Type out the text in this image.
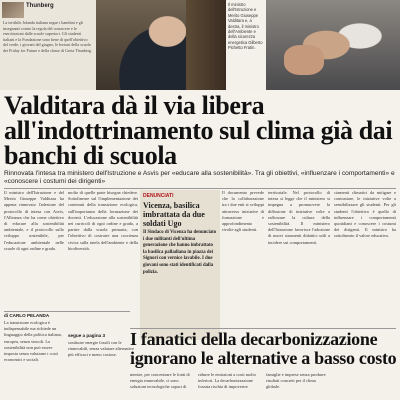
Thunberg
La terribile Jolanda italiana segue i bambini e gli insegnanti contro la regola del conoscere e le esercitazioni dalle scuole superiori. Gli studenti italiani e la Fondazione sono bene di quell'obiettivo del verde, i giovani del giugno, le lezioni della scuola dei Friday for Future e della classe di Greta Thunberg.
Il ministro dell'Istruzione e Merito Giuseppe Valditara e, a destra, il ministro dell'Ambiente e della sicurezza energetica Gilberto Pichetto Fratin.
Valditara dà il via libera all'indottrinamento sul clima già dai banchi di scuola
Rinnovata l'intesa tra ministero dell'Istruzione e Asvis per «educare alla sostenibilità». Tra gli obiettivi, «influenzare i comportamenti» e «conoscere i costumi dei dirigenti»
Il ministro dell'Istruzione e del Merito Giuseppe Valditara ha appena rinnovato l'adesione del protocollo di intesa con Asvis, l'Alleanza che ha come obiettivo di educare alla sostenibilità ambientale, e il protocollo sullo sviluppo sostenibile, per l'educazione ambientale nelle scuole di ogni ordine e grado.
molto di quelle parte bisogna chiedere. Sottolineare sul l'implementazione dei contenuti della transizione ecologica, sull'importanza della formazione dei docenti. L'educazione alla sostenibilità nei curricoli di ogni ordine e grado, a partire dalla scuola primaria, con l'obiettivo di costruire una coscienza civica sulla tutela dell'ambiente e della biodiversità.
DENUNCIATI
Vicenza, basilica imbrattata da due soldati Ugo
Il Sindaco di Vicenza ha denunciato i due militanti dell'ultima generazione che hanno imbrattato la basilica palladiana in piazza dei Signori con vernice lavabile. I due giovani sono stati identificati dalla polizia.
Il documento prevede che la collaborazione tra i due enti si sviluppi attraverso iniziative di formazione e approfondimento rivolte agli studenti.
territoriale. Nel protocollo di intesa si legge che il ministero si impegna a promuovere la diffusione di iniziative volte a rafforzare la cultura della sostenibilità. Il ministero dell'Istruzione favorisce l'adozione di nuovi strumenti didattici utili a incidere sui comportamenti.
ciamenti climatici da mitigare e contrastare, le iniziative volte a sensibilizzare gli studenti. Per gli studenti l'obiettivo è quello di influenzare i comportamenti quotidiani e conoscere i costumi dei dirigenti. Il ministro ha sottolineato il valore educativo.
di CARLO PELANDA
La transizione ecologica è indispensabile ma richiede un linguaggio della politica italiana, europea, senza vincoli. La sostenibilità non può essere imposta senza valutarne i costi economici e sociali.
segue a pagina 3
sostituire energie fossili con le rinnovabili, senza valutare alternative più efficaci e meno costose.
I fanatici della decarbonizzazione ignorano le alternative a basso costo
mentre, per concentrare le fonti di energia rinnovabile, ci sono soluzioni tecnologiche capaci di ridurre le emissioni a costi molto inferiori. La decarbonizzazione forzata rischia di impoverire famiglie e imprese senza produrre risultati concreti per il clima globale.
